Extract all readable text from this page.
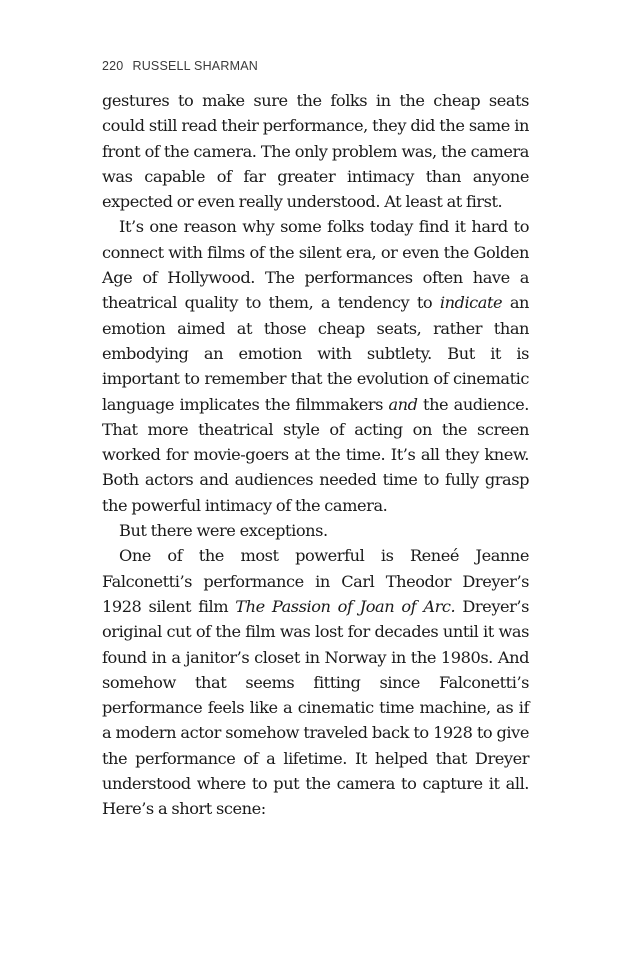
220 RUSSELL SHARMAN

gestures to make sure the folks in the cheap seats could still read their performance, they did the same in front of the camera. The only problem was, the camera was capable of far greater intimacy than anyone expected or even really understood. At least at first.

It’s one reason why some folks today find it hard to connect with films of the silent era, or even the Golden Age of Hollywood. The performances often have a theatrical quality to them, a tendency to indicate an emotion aimed at those cheap seats, rather than embodying an emotion with subtlety. But it is important to remember that the evolution of cinematic language implicates the filmmakers and the audience. That more theatrical style of acting on the screen worked for movie-goers at the time. It’s all they knew. Both actors and audiences needed time to fully grasp the powerful intimacy of the camera.

But there were exceptions.

One of the most powerful is Reneé Jeanne Falconetti’s performance in Carl Theodor Dreyer’s 1928 silent film The Passion of Joan of Arc. Dreyer’s original cut of the film was lost for decades until it was found in a janitor’s closet in Norway in the 1980s. And somehow that seems fitting since Falconetti’s performance feels like a cinematic time machine, as if a modern actor somehow traveled back to 1928 to give the performance of a lifetime. It helped that Dreyer understood where to put the camera to capture it all. Here’s a short scene:
